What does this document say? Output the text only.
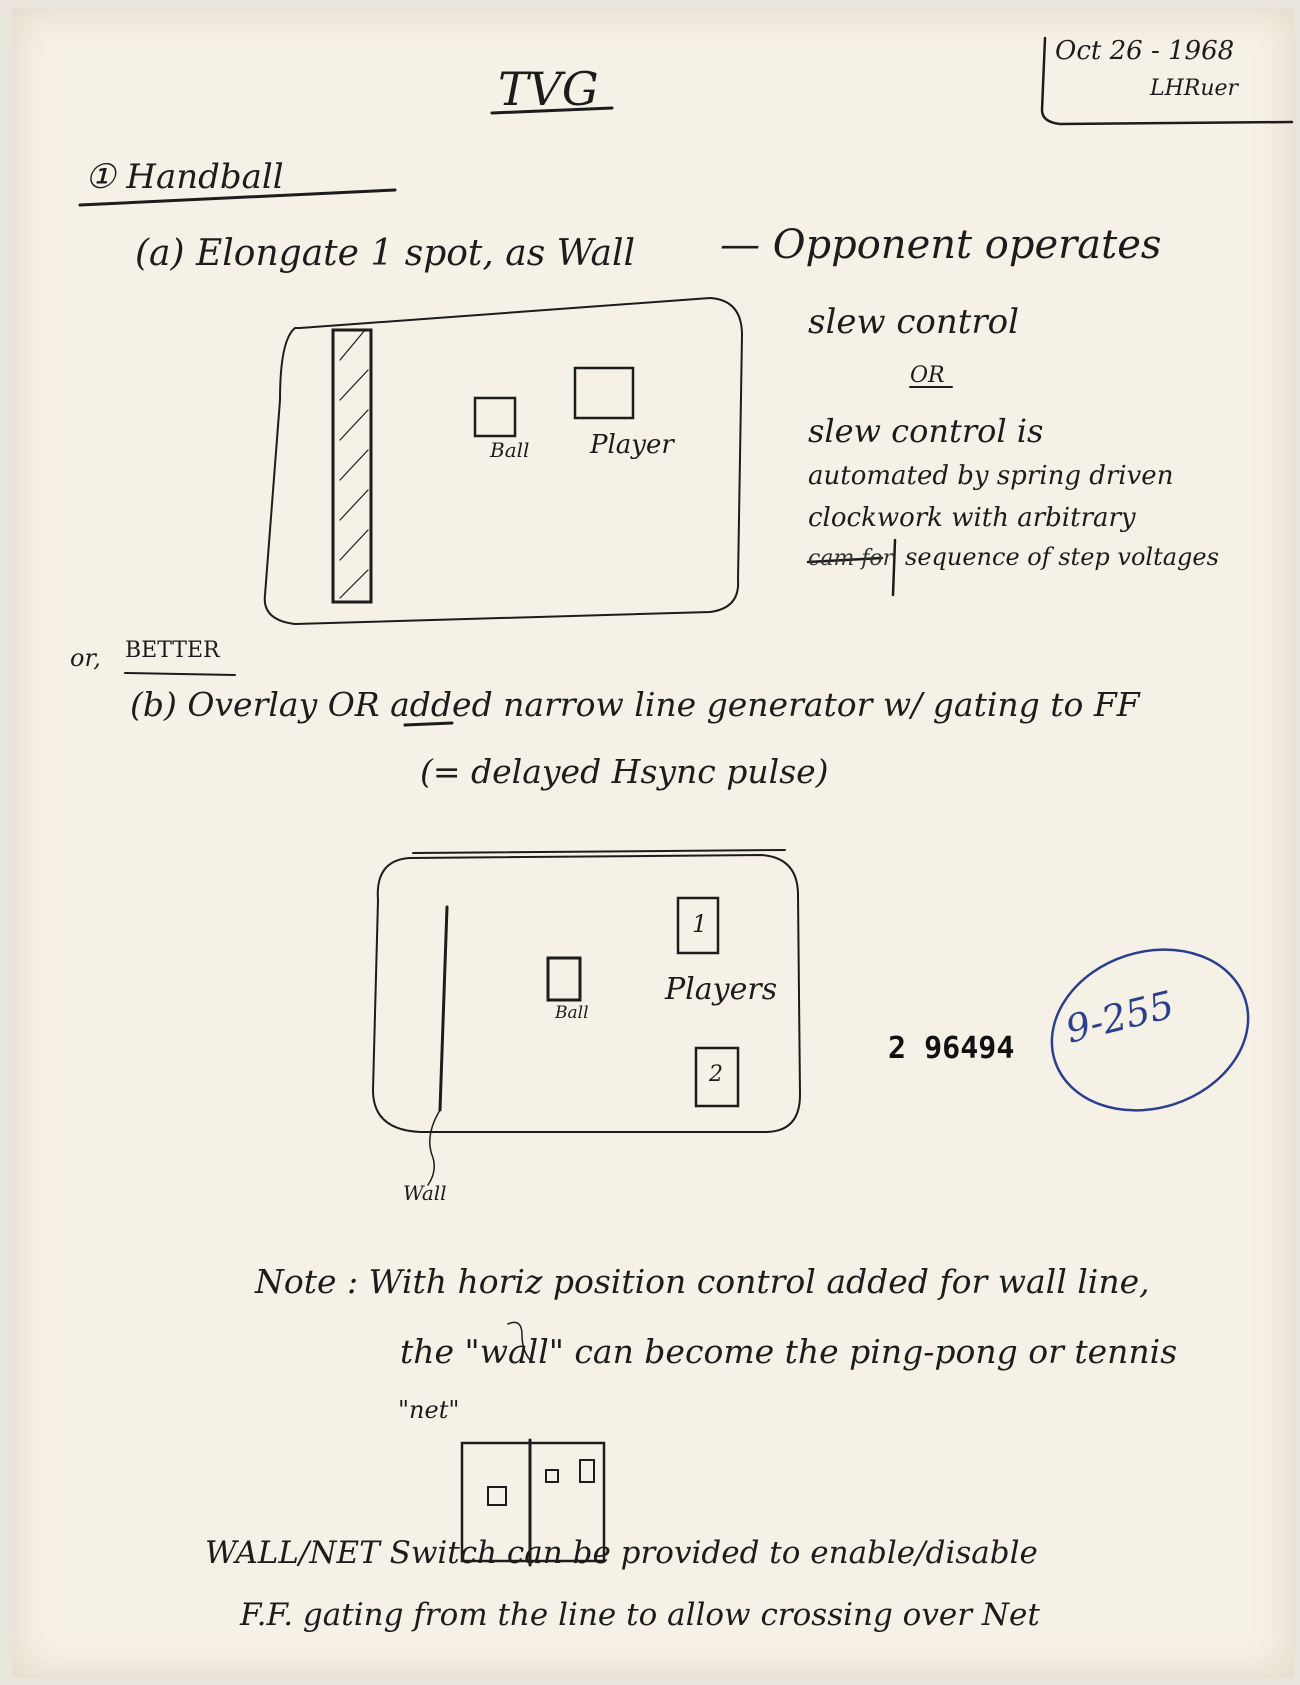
TVG
Oct 26 - 1968
LHRuer
① Handball
(a) Elongate 1 spot, as Wall — Opponent operates
slew control
OR
slew control is
automated by spring driven
clockwork with arbitrary
cam for sequence of step voltages
Ball Player
or, BETTER
(b) Overlay OR added narrow line generator w/ gating to FF
(= delayed Hsync pulse)
1
Players
Ball
2
Wall
2 96494 9-255
Note : With horiz position control added for wall line,
the "wall" can become the ping-pong or tennis
"net"
WALL/NET Switch can be provided to enable/disable
F.F. gating from the line to allow crossing over Net
